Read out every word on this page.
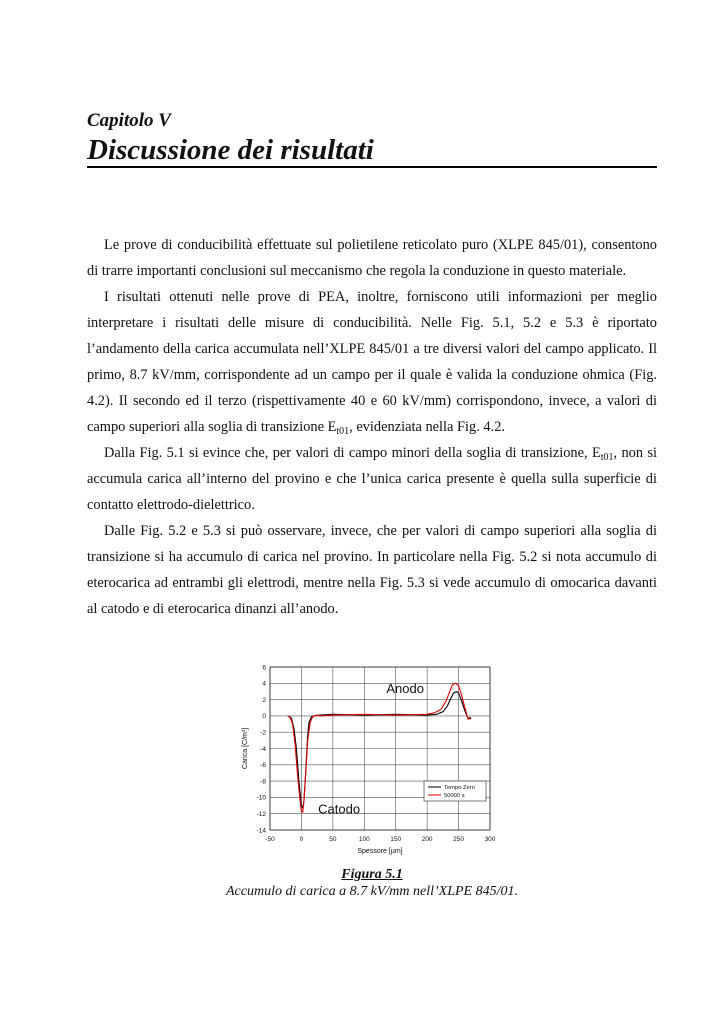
Capitolo V
Discussione dei risultati

Le prove di conducibilità effettuate sul polietilene reticolato puro (XLPE 845/01), consentono di trarre importanti conclusioni sul meccanismo che regola la conduzione in questo materiale.

I risultati ottenuti nelle prove di PEA, inoltre, forniscono utili informazioni per meglio interpretare i risultati delle misure di conducibilità. Nelle Fig. 5.1, 5.2 e 5.3 è riportato l’andamento della carica accumulata nell’XLPE 845/01 a tre diversi valori del campo applicato. Il primo, 8.7 kV/mm, corrispondente ad un campo per il quale è valida la conduzione ohmica (Fig. 4.2). Il secondo ed il terzo (rispettivamente 40 e 60 kV/mm) corrispondono, invece, a valori di campo superiori alla soglia di transizione $E_{t01}$, evidenziata nella Fig. 4.2.

Dalla Fig. 5.1 si evince che, per valori di campo minori della soglia di transizione, $E_{t01}$, non si accumula carica all’interno del provino e che l’unica carica presente è quella sulla superficie di contatto elettrodo-dielettrico.

Dalle Fig. 5.2 e 5.3 si può osservare, invece, che per valori di campo superiori alla soglia di transizione si ha accumulo di carica nel provino. In particolare nella Fig. 5.2 si nota accumulo di eterocarica ad entrambi gli elettrodi, mentre nella Fig. 5.3 si vede accumulo di omocarica davanti al catodo e di eterocarica dinanzi all’anodo.

-50	0	50	100	150	200	250	300
-14
-12
-10
-8
-6
-4
-2
0
2
4
6
Spessore [µm]
Carica [C/m³]
Anodo
Catodo
Tempo Zero
50000 s
Figura 5.1
Accumulo di carica a 8.7 kV/mm nell’XLPE 845/01.
